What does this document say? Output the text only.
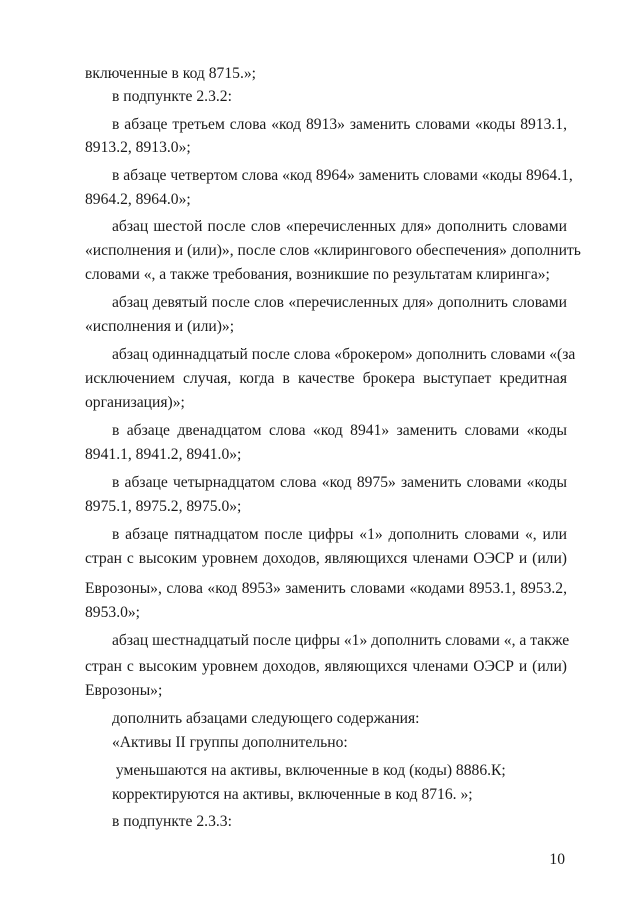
включенные в код 8715.»;
в подпункте 2.3.2:
в абзаце третьем слова «код 8913» заменить словами «коды 8913.1,
8913.2, 8913.0»;
в абзаце четвертом слова «код 8964» заменить словами «коды 8964.1,
8964.2, 8964.0»;
абзац шестой после слов «перечисленных для» дополнить словами
«исполнения и (или)», после слов «клирингового обеспечения» дополнить
словами «, а также требования, возникшие по результатам клиринга»;
абзац девятый после слов «перечисленных для» дополнить словами
«исполнения и (или)»;
абзац одиннадцатый после слова «брокером» дополнить словами «(за
исключением случая, когда в качестве брокера выступает кредитная
организация)»;
в абзаце двенадцатом слова «код 8941» заменить словами «коды
8941.1, 8941.2, 8941.0»;
в абзаце четырнадцатом слова «код 8975» заменить словами «коды
8975.1, 8975.2, 8975.0»;
в абзаце пятнадцатом после цифры «1» дополнить словами «, или
стран с высоким уровнем доходов, являющихся членами ОЭСР и (или)
Еврозоны», слова «код 8953» заменить словами «кодами 8953.1, 8953.2,
8953.0»;
абзац шестнадцатый после цифры «1» дополнить словами «, а также
стран с высоким уровнем доходов, являющихся членами ОЭСР и (или)
Еврозоны»;
дополнить абзацами следующего содержания:
«Активы II группы дополнительно:
уменьшаются на активы, включенные в код (коды) 8886.К;
корректируются на активы, включенные в код 8716. »;
в подпункте 2.3.3:
10
